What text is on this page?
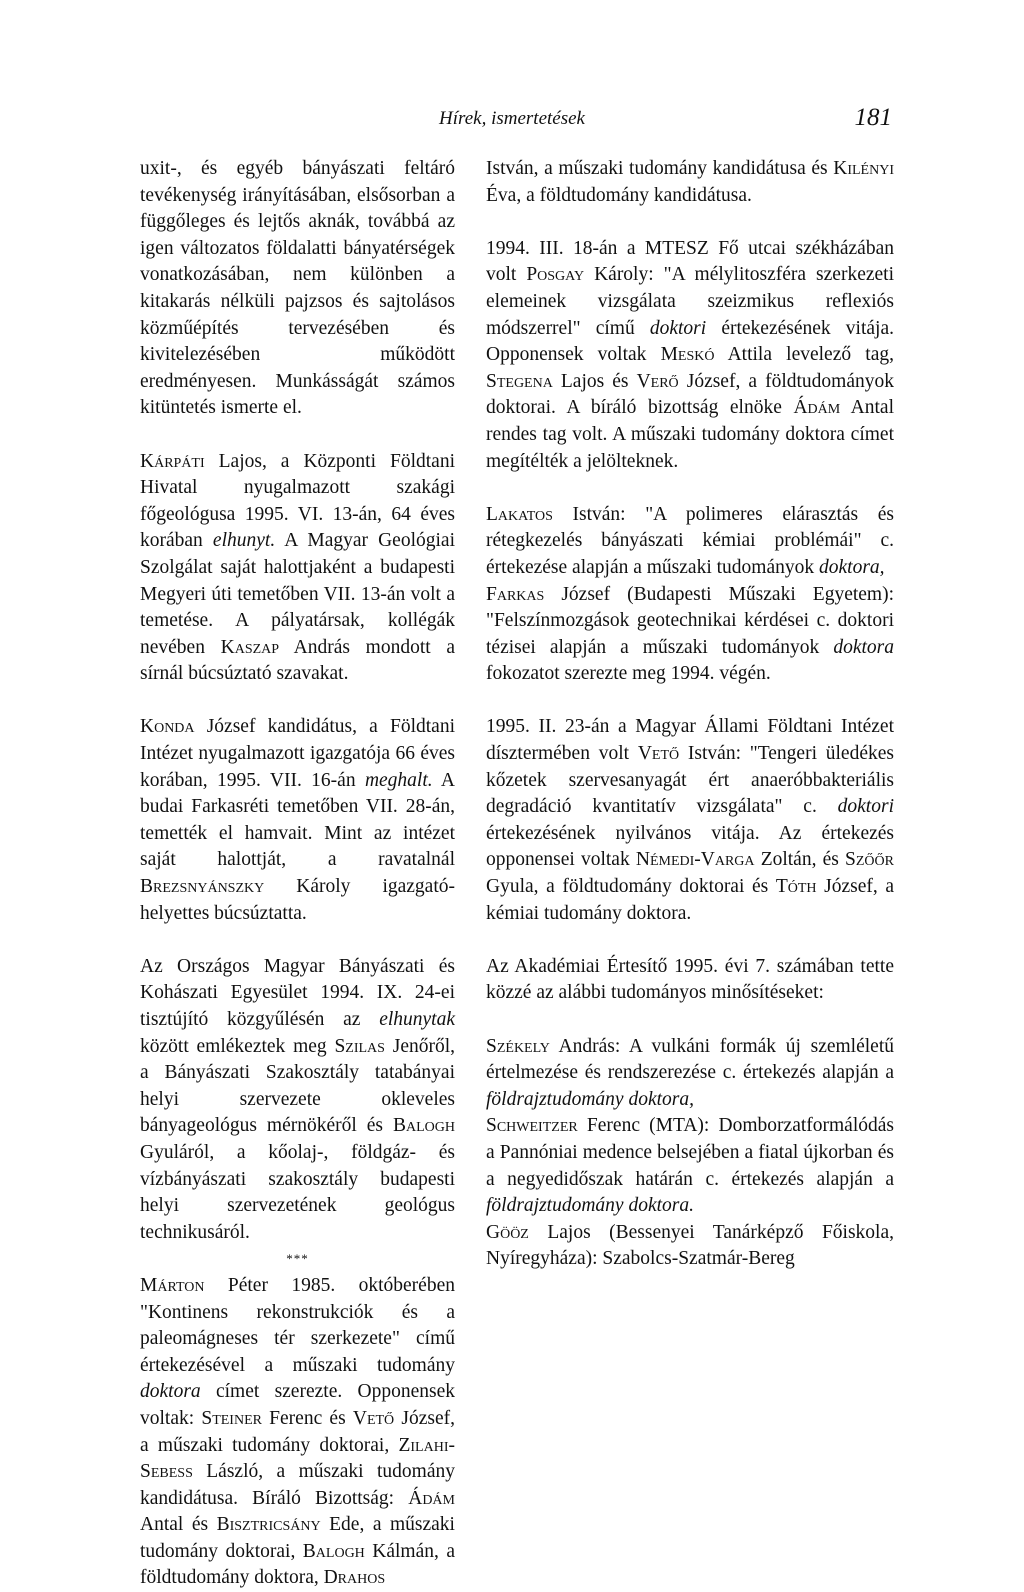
Hírek, ismertetések	181

uxit-, és egyéb bányászati feltáró tevékenység irányításában, elsősorban a függőleges és lejtős aknák, továbbá az igen változatos földalatti bányatérségek vonatkozásában, nem különben a kitakarás nélküli pajzsos és sajtolásos közműépítés tervezésében és kivitelezésében működött eredményesen. Munkásságát számos kitüntetés ismerte el.

Kárpáti Lajos, a Központi Földtani Hivatal nyugalmazott szakági főgeológusa 1995. VI. 13-án, 64 éves korában elhunyt. A Magyar Geológiai Szolgálat saját halottjaként a budapesti Megyeri úti temetőben VII. 13-án volt a temetése. A pályatársak, kollégák nevében Kaszap András mondott a sírnál búcsúztató szavakat.

Konda József kandidátus, a Földtani Intézet nyugalmazott igazgatója 66 éves korában, 1995. VII. 16-án meghalt. A budai Farkasréti temetőben VII. 28-án, temették el hamvait. Mint az intézet saját halottját, a ravatalnál Brezsnyánszky Károly igazgató-helyettes búcsúztatta.

Az Országos Magyar Bányászati és Kohászati Egyesület 1994. IX. 24-ei tisztújító közgyűlésén az elhunytak között emlékeztek meg Szilas Jenőről, a Bányászati Szakosztály tatabányai helyi szervezete okleveles bányageológus mérnökéről és Balogh Gyuláról, a kőolaj-, földgáz- és vízbányászati szakosztály budapesti helyi szervezetének geológus technikusáról.

***

Márton Péter 1985. októberében "Kontinens rekonstrukciók és a paleomágneses tér szerkezete" című értekezésével a műszaki tudomány doktora címet szerezte. Opponensek voltak: Steiner Ferenc és Vető József, a műszaki tudomány doktorai, Zilahi-Sebess László, a műszaki tudomány kandidátusa. Bíráló Bizottság: Ádám Antal és Bisztricsány Ede, a műszaki tudomány doktorai, Balogh Kálmán, a földtudomány doktora, Drahos

István, a műszaki tudomány kandidátusa és Kilényi Éva, a földtudomány kandidátusa.

1994. III. 18-án a MTESZ Fő utcai székházában volt Posgay Károly: "A mélylitoszféra szerkezeti elemeinek vizsgálata szeizmikus reflexiós módszerrel" című doktori értekezésének vitája. Opponensek voltak Meskó Attila levelező tag, Stegena Lajos és Verő József, a földtudományok doktorai. A bíráló bizottság elnöke Ádám Antal rendes tag volt. A műszaki tudomány doktora címet megítélték a jelölteknek.

Lakatos István: "A polimeres elárasztás és rétegkezelés bányászati kémiai problémái" c. értekezése alapján a műszaki tudományok doktora,

Farkas József (Budapesti Műszaki Egyetem): "Felszínmozgások geotechnikai kérdései c. doktori tézisei alapján a műszaki tudományok doktora fokozatot szerezte meg 1994. végén.

1995. II. 23-án a Magyar Állami Földtani Intézet dísztermében volt Vető István: "Tengeri üledékes kőzetek szervesanyagát ért anaeróbbakteriális degradáció kvantitatív vizsgálata" c. doktori értekezésének nyilvános vitája. Az értekezés opponensei voltak Némedi-Varga Zoltán, és Szőőr Gyula, a földtudomány doktorai és Tóth József, a kémiai tudomány doktora.

Az Akadémiai Értesítő 1995. évi 7. számában tette közzé az alábbi tudományos minősítéseket:

Székely András: A vulkáni formák új szemléletű értelmezése és rendszerezése c. értekezés alapján a földrajztudomány doktora,

Schweitzer Ferenc (MTA): Domborzatformálódás a Pannóniai medence belsejében a fiatal újkorban és a negyedidőszak határán c. értekezés alapján a földrajztudomány doktora.

Gööz Lajos (Bessenyei Tanárképző Főiskola, Nyíregyháza): Szabolcs-Szatmár-Bereg
